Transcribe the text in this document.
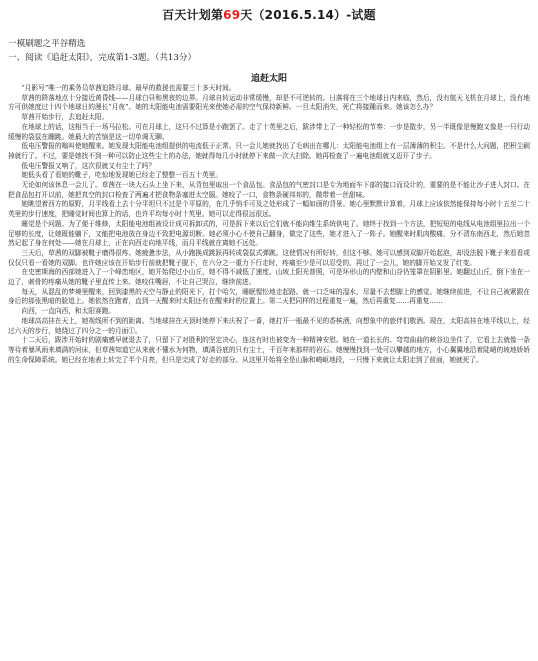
百天计划第69天（2016.5.14）-试题
一模刷题之平谷精选
一、阅读《追赶太阳》，完成第1-3题。（共13分）
追赶太阳

“月影号”唯一的乘务员草茜迫降月球。最早的救援也需要三十多天时间。

草茜的降落地点十分接近黄昏线——月球白昼和黑夜的边界。月球自转运动非常缓慢，却是不可逆转的。日落将在三个地球日内来临，然后，没有航天飞机在月球上，没有地方可供她度过十四个地球日的漫长“月夜”。她的太阳能电池需要阳光来使她必需的空气保持新鲜。一旦太阳消失，死亡将接踵而来。她该怎么办？

草茜开始步行，去追赶太阳。

在地球上的话，这相当于一场马拉松。可在月球上，这只不过算是小跑罢了。走了十英里之后，跋涉带上了一种轻松的节奏：一步是散步，另一半既像是慢跑又像是一只行动缓慢的袋鼠在蹦跳。她最大的苦恼是这一切单调无聊。

低电压警报的嗡叫使她醒来。她发现太阳能电池组提供的电流低于正常。只一会儿她就找出了毛病出在哪儿：太阳能电池组上有一层薄薄的积尘。不是什么大问题，把积尘刷掉就行了。不过，要是她找不到一种可以防止这些尘土的办法，她就得每几小时就停下来做一次大扫除。她再检查了一遍电池组就又迈开了步子。

低电压警报又响了，这次很就又有尘土了吗？

她低头看了看她的靴子，吃惊地发现她已经走了整整一百五十英里。

无论如何该休息一会儿了。草茜在一块大石头上坐下来，从背包里取出一个食品包。食品包的气密封口是专为地面车下部的接口而设计的，重要的是不能让沙子进入封口。在把食品包打开以前，她把真空的封口检查了两遍才把食物条塞进太空服。她咬了一口，食物条硬邦邦的，微带着一丝甜味。

她眺望着西方的原野，月平线看上去十分平坦只不过是个平原的，在几乎悄手可及之处形成了一幅如画的背景。她心里默默计算着，月球上应该依然能保持每小时十五至二十英里的步行速度，把睡觉时间也算上的话，也许平均每小时十英里。她可以走得很远很远。

睡觉是个问题。为了便于维修，太阳能电池组被设计成可拆卸式的，可是拆下来以后它们就不能向维生系统供电了。她终于找到一个方法，把短短的电线从电池组里拉出一个足够的长度，让她既能躺下，又能把电池放在身边不致把电源切断。她必须小心不使自己翻身，做完了这些，她才进入了一阵子。她醒来时肌肉酸痛，分不清东南西北，然后她忽然记起了身在何处——她在月球上，正在向西走向地平线，而月平线就在离她不远处。

三天后，草茜的双脚被靴子磨得很疼。她疲惫步法，从小跑换成跳跃再转成袋鼠式弹跳。这使情况有所好转，但这不够。她可以感到双脚开始起泡，却没法脱下靴子来看看或仅仅只看一看她的双脚。也许她应该在开始步行前就把靴子脱下，在六分之一重力下行走时，疼痛至少是可以忍受的。再过了一会儿，她的脚开始又发了红变。

在史密斯海的西部她进入了一个峰峦地区，她开始爬过小山丘，她不得不减低了速度。山坡上阳光普照，可是环形山的内壁和山谷仍笼罩在阴影里。她翻过山丘，倒下坐在一边了，刺骨的疼痛从她的靴子里直传上来。她咬住嘴唇，不让自己哭泣，继续前进。

每天，从混乱的梦境里醒来，回到漆黑的天空与静止的阳光下，打个哈欠，睡眠惺忪地走起路。就一口乏味的湿水，尽量不去想脚上的感觉。她继续前进，不让自己被紧跟在身后的那张黑暗的脸追上。她依然在跑着，直到一天醒来时太阳还有在醒来时的位置上。第二天把同样的过程重复一遍，然后再重复……再重复……

向西，一直向西，和太阳赛跑。

地球高高挂在天上，她视线所不到的距离。当地球挂在天顶时她停下来庆祝了一番，她打开一瓶最不见的香槟酒，向想象中的旅伴们敬酒。现在，太阳高挂在地平线以上，经过六天的步行，她绕过了四分之一的月面①。

十二天后，跋涉开始时的剧痛感早就退去了，只留下了对胜利的坚定决心，连这有时也被变为一种精神安慰。她在一道长长的、弯弯曲曲的峡谷边坐住了，它看上去就像一条等待着暴风雨来填满的河床，但草茜知道它从来就不懂水为何物，填满谷底的只有尘土，千百年来那样的岩石。她慢慢找到一处可以攀越的地方，小心翼翼地沿着陡峭的坡地娇娇的生命保障系统。她已经在地表上转完了半个月亮，但只是完成了好走的部分。从这里开始将全是山脉和崎岖地段，一只慢下来就让太阳走到了前面，她就死了。
